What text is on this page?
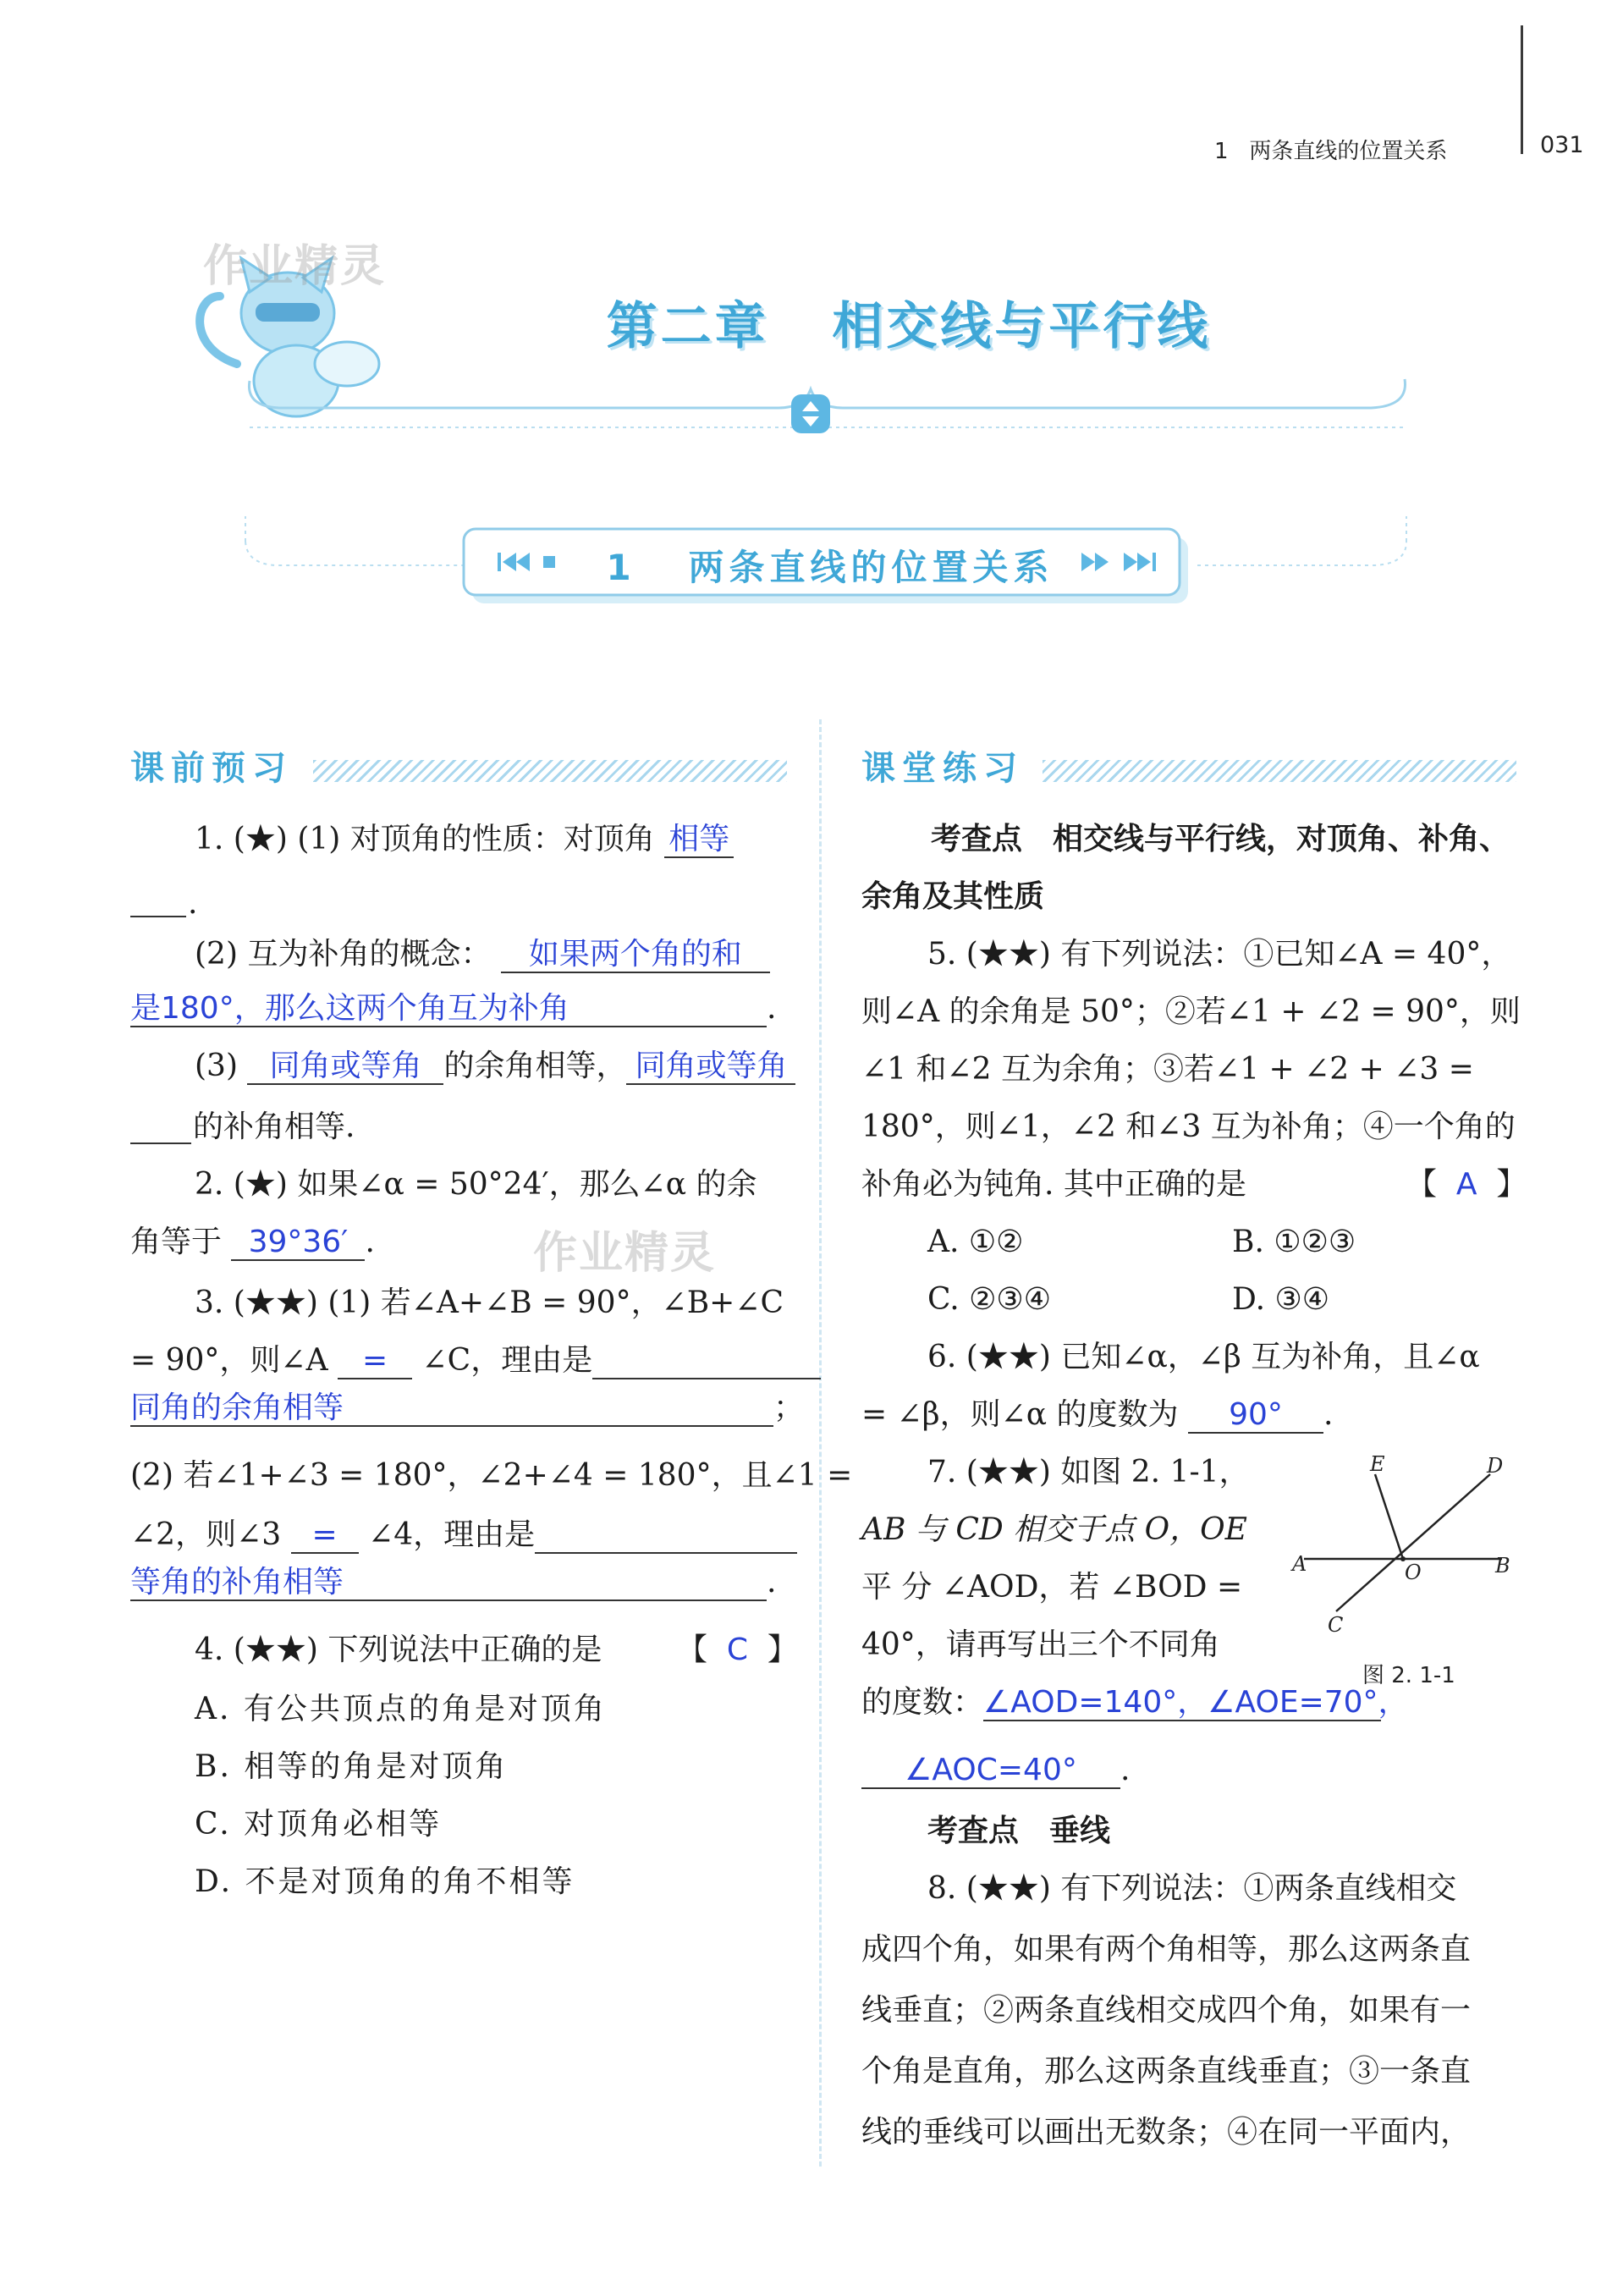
1 两条直线的位置关系	031
作业精灵
作业精灵
第二章 相交线与平行线
1 两条直线的位置关系
课前预习	课堂练习
1. (★) (1) 对顶角的性质：对顶角 相等
.
(2) 互为补角的概念： 如果两个角的和
是180°，那么这两个角互为补角	.
(3) 同角或等角 的余角相等， 同角或等角
的补角相等.
2. (★) 如果∠α = 50°24′，那么∠α 的余
角等于 39°36′ .
3. (★★) (1) 若∠A+∠B = 90°，∠B+∠C
= 90°，则∠A = ∠C，理由是
同角的余角相等	；
(2) 若∠1+∠3 = 180°，∠2+∠4 = 180°，且∠1 =
∠2，则∠3 = ∠4，理由是
等角的补角相等	.
4. (★★) 下列说法中正确的是 【  C  】
A. 有公共顶点的角是对顶角
B. 相等的角是对顶角
C. 对顶角必相等
D. 不是对顶角的角不相等
考查点　相交线与平行线，对顶角、补角、
余角及其性质
5. (★★) 有下列说法：①已知∠A = 40°，
则∠A 的余角是 50°；②若∠1 + ∠2 = 90°，则
∠1 和∠2 互为余角；③若∠1 + ∠2 + ∠3 =
180°，则∠1，∠2 和∠3 互为补角；④一个角的
补角必为钝角. 其中正确的是	【  A  】
A. ①②	B. ①②③
C. ②③④	D. ③④
6. (★★) 已知∠α，∠β 互为补角，且∠α
= ∠β，则∠α 的度数为 90° .
7. (★★) 如图 2. 1-1，
AB 与 CD 相交于点 O，OE
平 分 ∠AOD，若 ∠BOD =
40°，请再写出三个不同角
的度数：∠AOD=140°，∠AOE=70°，
∠AOC=40° .
E	D
A	O	B
C
图 2. 1-1
考查点　垂线
8. (★★) 有下列说法：①两条直线相交
成四个角，如果有两个角相等，那么这两条直
线垂直；②两条直线相交成四个角，如果有一
个角是直角，那么这两条直线垂直；③一条直
线的垂线可以画出无数条；④在同一平面内，
